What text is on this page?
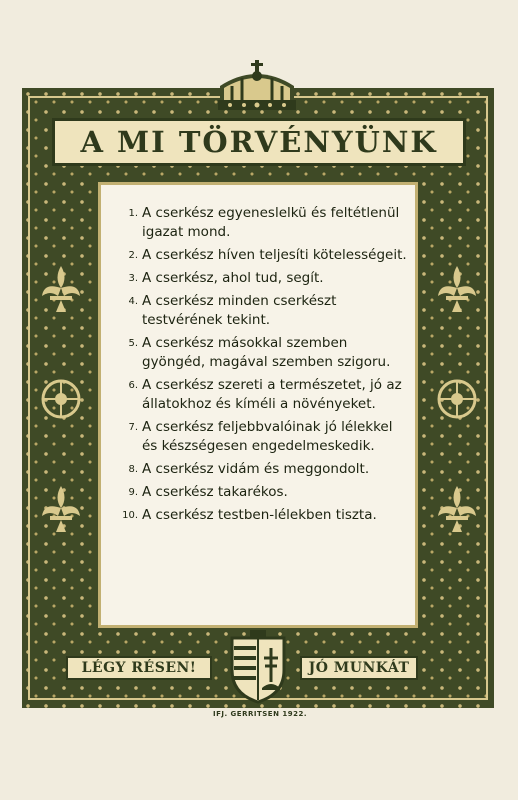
A MI TÖRVÉNYÜNK
1. A cserkész egyeneslelkü és feltétlenül igazat mond.
2. A cserkész híven teljesíti kötelességeit.
3. A cserkész, ahol tud, segít.
4. A cserkész minden cserkészt testvérének tekint.
5. A cserkész másokkal szemben gyöngéd, magával szemben szigoru.
6. A cserkész szereti a természetet, jó az állatokhoz és kíméli a növényeket.
7. A cserkész feljebbvalóinak jó lélekkel és készségesen engedelmeskedik.
8. A cserkész vidám és meggondolt.
9. A cserkész takarékos.
10. A cserkész testben-lélekben tiszta.
LÉGY RÉSEN!	JÓ MUNKÁT
IFJ. GERRITSEN 1922.
